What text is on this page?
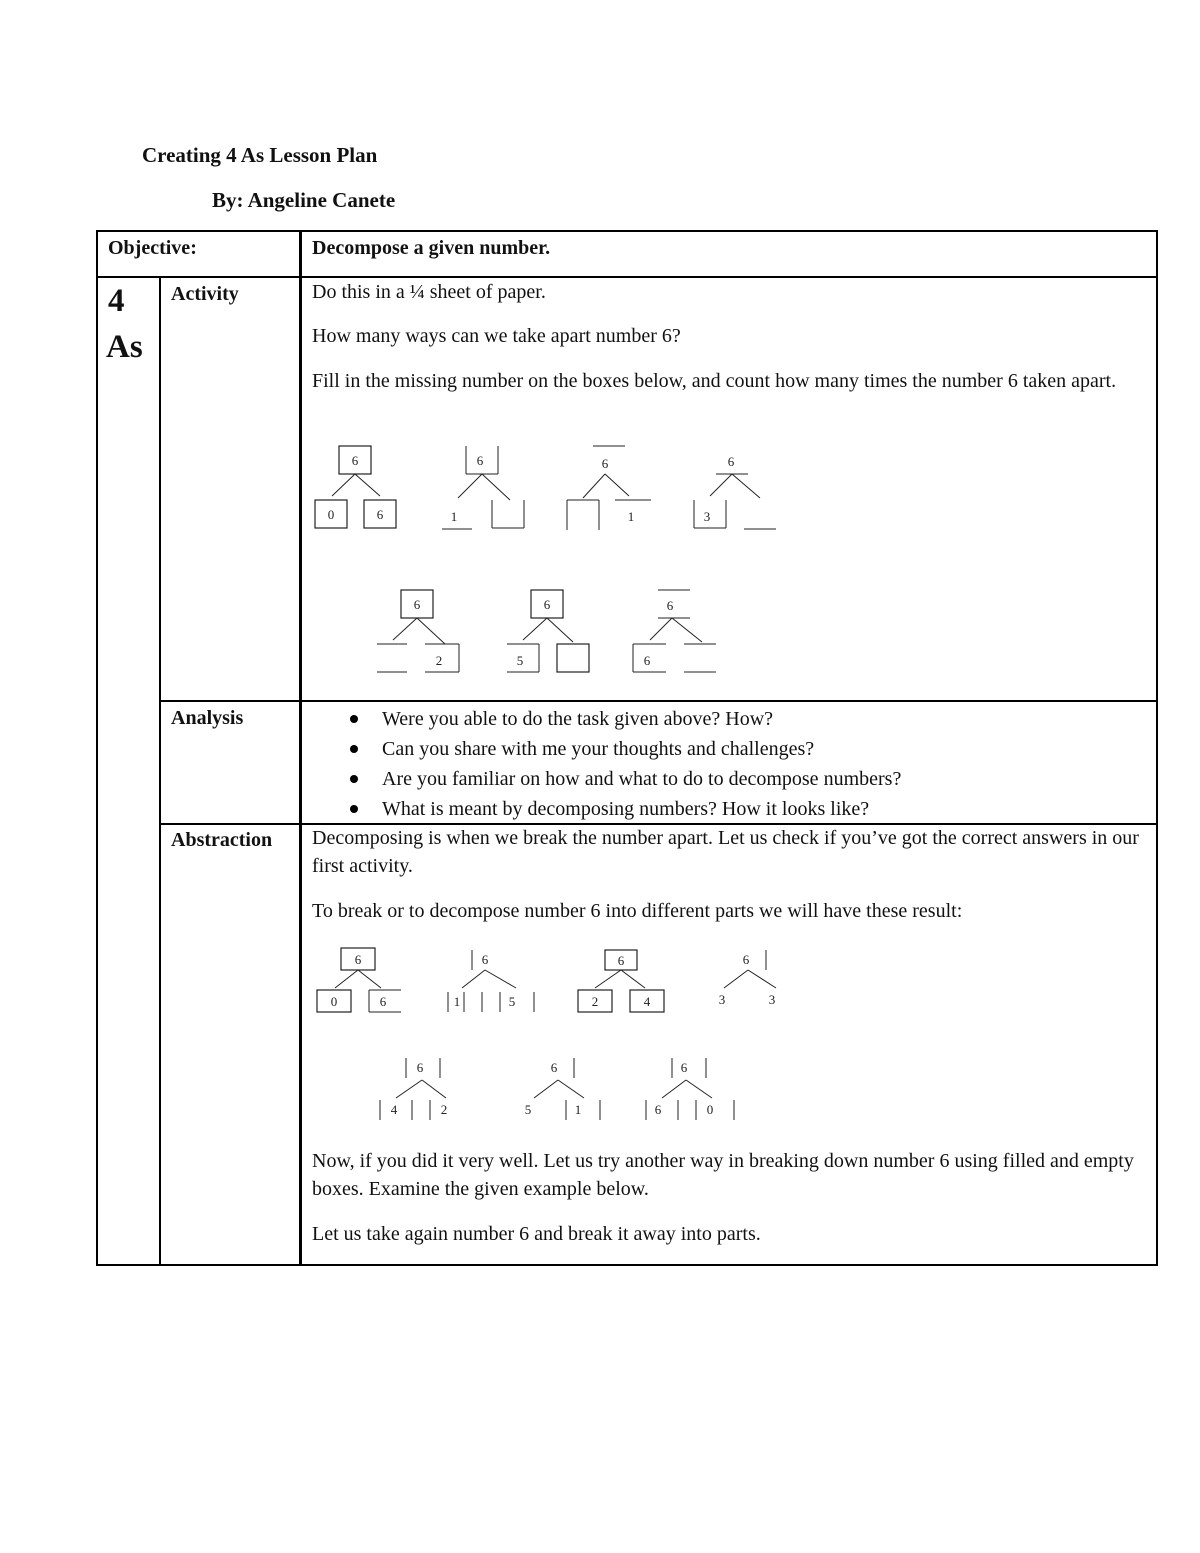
Creating 4 As Lesson Plan
By: Angeline Canete
Objective:	Decompose a given number.
4
As
Activity	Do this in a ¼ sheet of paper.
How many ways can we take apart number 6?
Fill in the missing number on the boxes below, and count how many times the number 6 taken apart.
6
0	6
6
1
6
1
6
3
6
2
6
5
6
6
Analysis	Were you able to do the task given above? How?
Can you share with me your thoughts and challenges?
Are you familiar on how and what to do to decompose numbers?
What is meant by decomposing numbers? How it looks like?
Abstraction Decomposing is when we break the number apart. Let us check if you’ve got the correct answers in our first activity.
To break or to decompose number 6 into different parts we will have these result:
6
0	6
6
1	5
6
2	4
6
3	3
6
4	2
6
5	1
6
6	0
Now, if you did it very well. Let us try another way in breaking down number 6 using filled and empty boxes. Examine the given example below.
Let us take again number 6 and break it away into parts.
